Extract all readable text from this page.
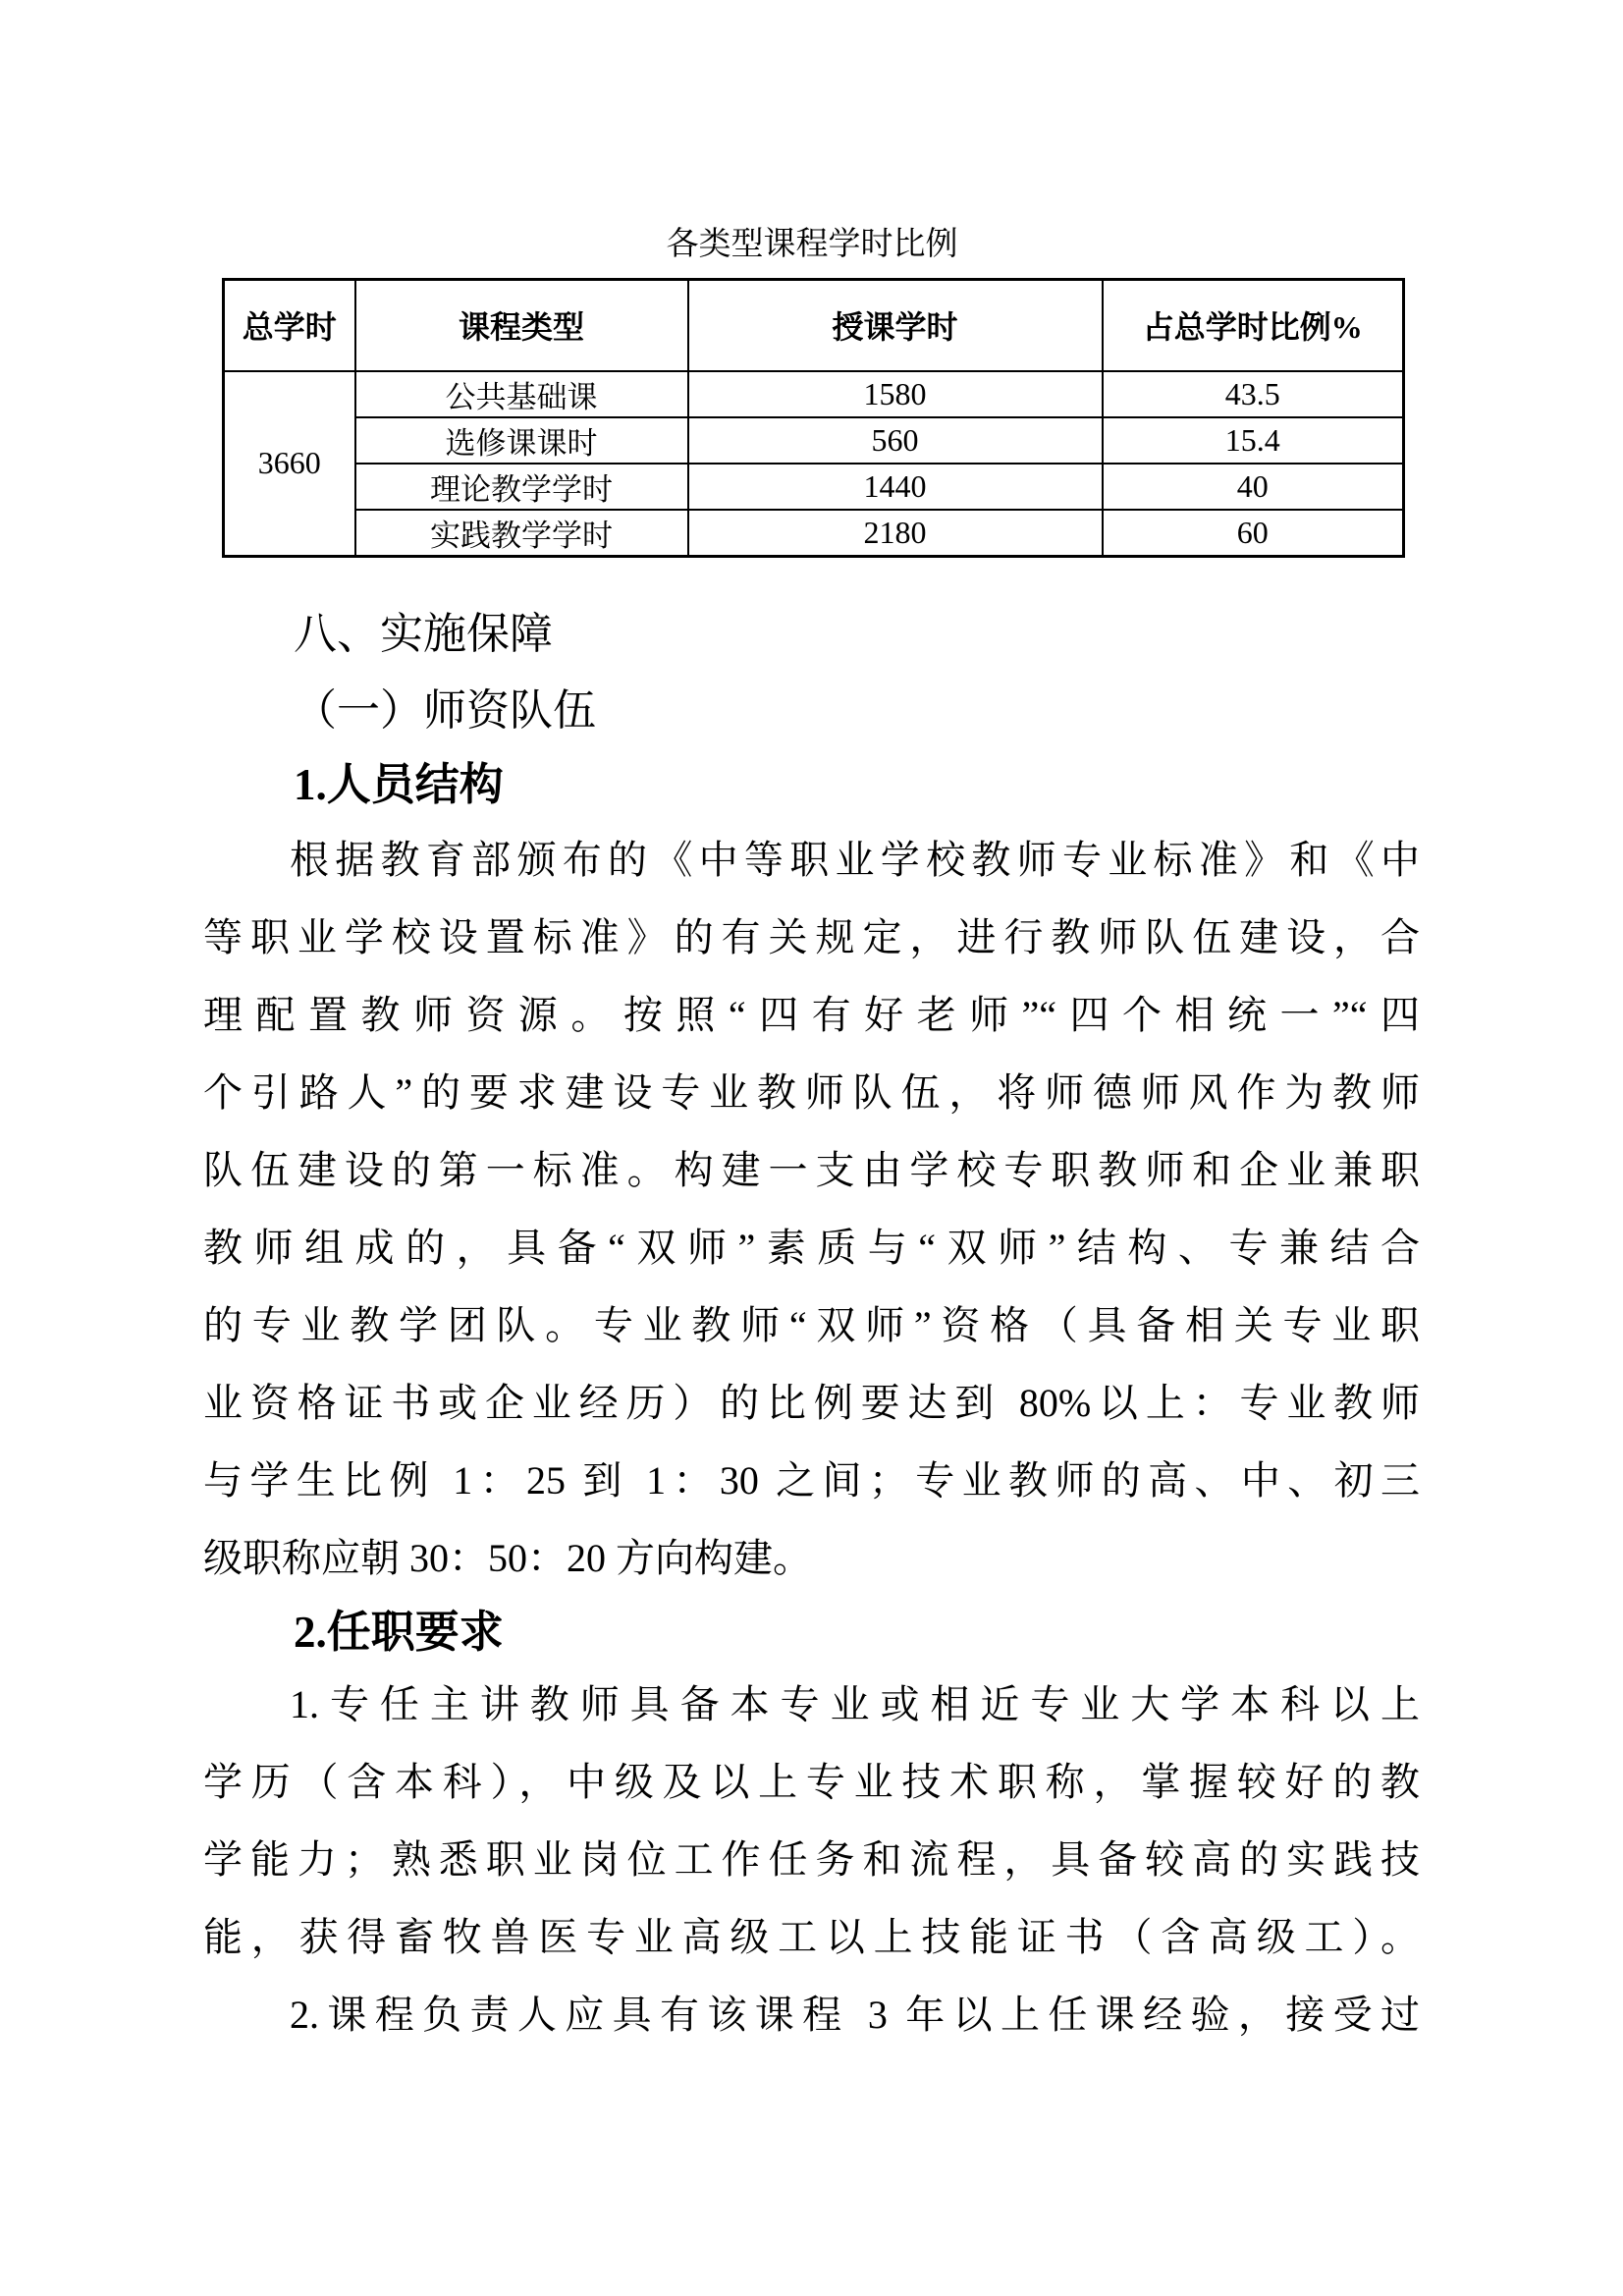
各类型课程学时比例
总学时	课程类型	授课学时	占总学时比例%
3660	公共基础课	1580	43.5
	选修课课时	560	15.4
	理论教学学时	1440	40
	实践教学学时	2180	60
八、实施保障
（一）师资队伍
1.人员结构
根据教育部颁布的《中等职业学校教师专业标准》和《中
等职业学校设置标准》的有关规定，进行教师队伍建设，合
理配置教师资源。按照“四有好老师”“四个相统一”“四
个引路人”的要求建设专业教师队伍，将师德师风作为教师
队伍建设的第一标准。构建一支由学校专职教师和企业兼职
教师组成的，具备“双师”素质与“双师”结构、专兼结合
的专业教学团队。专业教师“双师”资格（具备相关专业职
业资格证书或企业经历）的比例要达到 80%以上：专业教师
与学生比例 1：25 到 1：30 之间；专业教师的高、中、初三
级职称应朝 30：50：20 方向构建。
2.任职要求
1.专任主讲教师具备本专业或相近专业大学本科以上
学历（含本科），中级及以上专业技术职称，掌握较好的教
学能力；熟悉职业岗位工作任务和流程，具备较高的实践技
能，获得畜牧兽医专业高级工以上技能证书（含高级工）。
2.课程负责人应具有该课程 3 年以上任课经验，接受过
